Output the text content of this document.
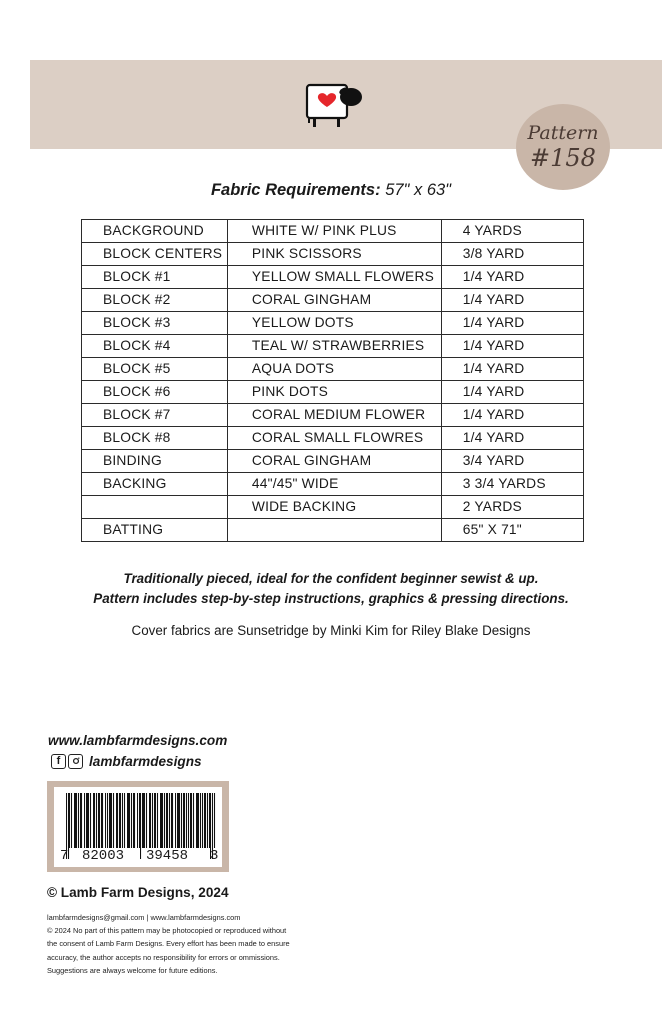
Pattern
#158
Fabric Requirements: 57" x 63"
BACKGROUND	WHITE W/ PINK PLUS	4 YARDS
BLOCK CENTERS	PINK SCISSORS	3/8 YARD
BLOCK #1	YELLOW SMALL FLOWERS	1/4 YARD
BLOCK #2	CORAL GINGHAM	1/4 YARD
BLOCK #3	YELLOW DOTS	1/4 YARD
BLOCK #4	TEAL W/ STRAWBERRIES	1/4 YARD
BLOCK #5	AQUA DOTS	1/4 YARD
BLOCK #6	PINK DOTS	1/4 YARD
BLOCK #7	CORAL MEDIUM FLOWER	1/4 YARD
BLOCK #8	CORAL SMALL FLOWRES	1/4 YARD
BINDING	CORAL GINGHAM	3/4 YARD
BACKING	44"/45" WIDE	3 3/4 YARDS
	WIDE BACKING	2 YARDS
BATTING		65" X 71"
Traditionally pieced, ideal for the confident beginner sewist & up.
Pattern includes step-by-step instructions, graphics & pressing directions.
Cover fabrics are Sunsetridge by Minki Kim for Riley Blake Designs
www.lambfarmdesigns.com
f	lambfarmdesigns
7 82003 39458 3
© Lamb Farm Designs, 2024
lambfarmdesigns@gmail.com | www.lambfarmdesigns.com
© 2024 No part of this pattern may be photocopied or reproduced without
the consent of Lamb Farm Designs. Every effort has been made to ensure
accuracy, the author accepts no responsibility for errors or ommissions.
Suggestions are always welcome for future editions.
